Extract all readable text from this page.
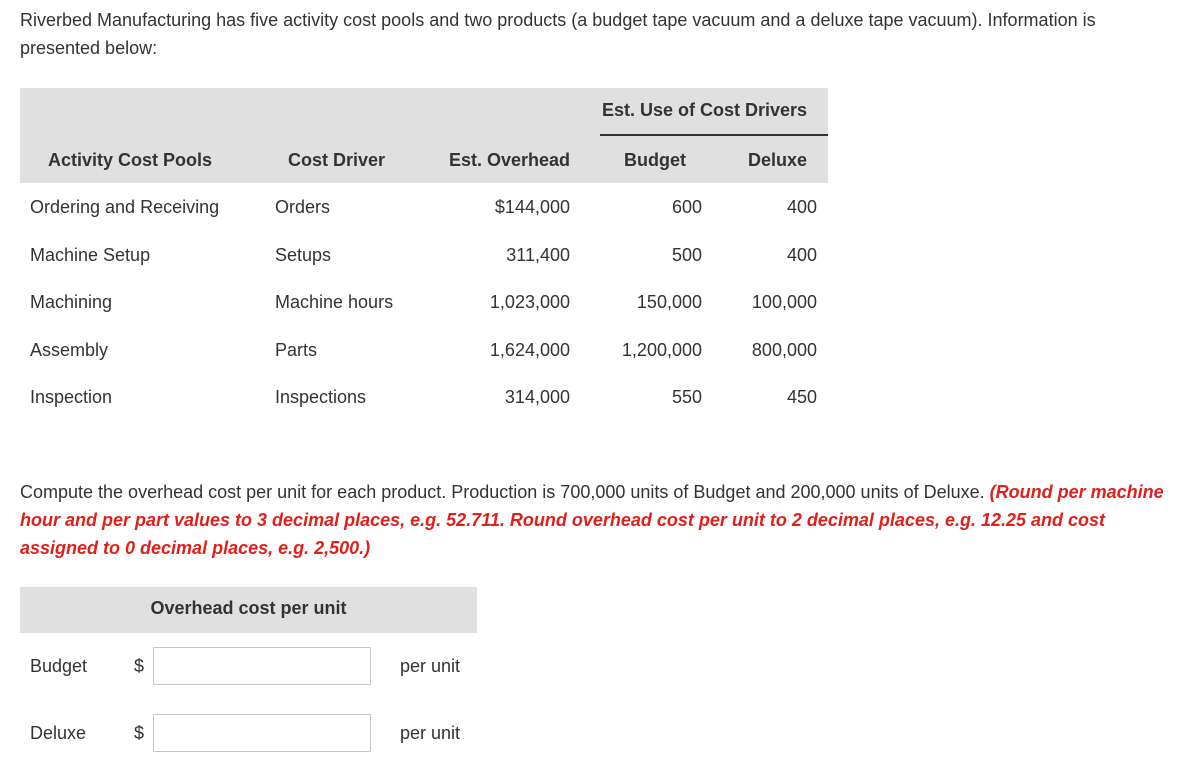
Riverbed Manufacturing has five activity cost pools and two products (a budget tape vacuum and a deluxe tape vacuum). Information is presented below:
Est. Use of Cost Drivers
Activity Cost Pools	Cost Driver	Est. Overhead	Budget	Deluxe
Ordering and Receiving	Orders	$144,000	600	400
Machine Setup	Setups	311,400	500	400
Machining	Machine hours	1,023,000	150,000	100,000
Assembly	Parts	1,624,000	1,200,000	800,000
Inspection	Inspections	314,000	550	450
Compute the overhead cost per unit for each product. Production is 700,000 units of Budget and 200,000 units of Deluxe. (Round per machine hour and per part values to 3 decimal places, e.g. 52.711. Round overhead cost per unit to 2 decimal places, e.g. 12.25 and cost assigned to 0 decimal places, e.g. 2,500.)
Overhead cost per unit
Budget	$	per unit
Deluxe	$	per unit
